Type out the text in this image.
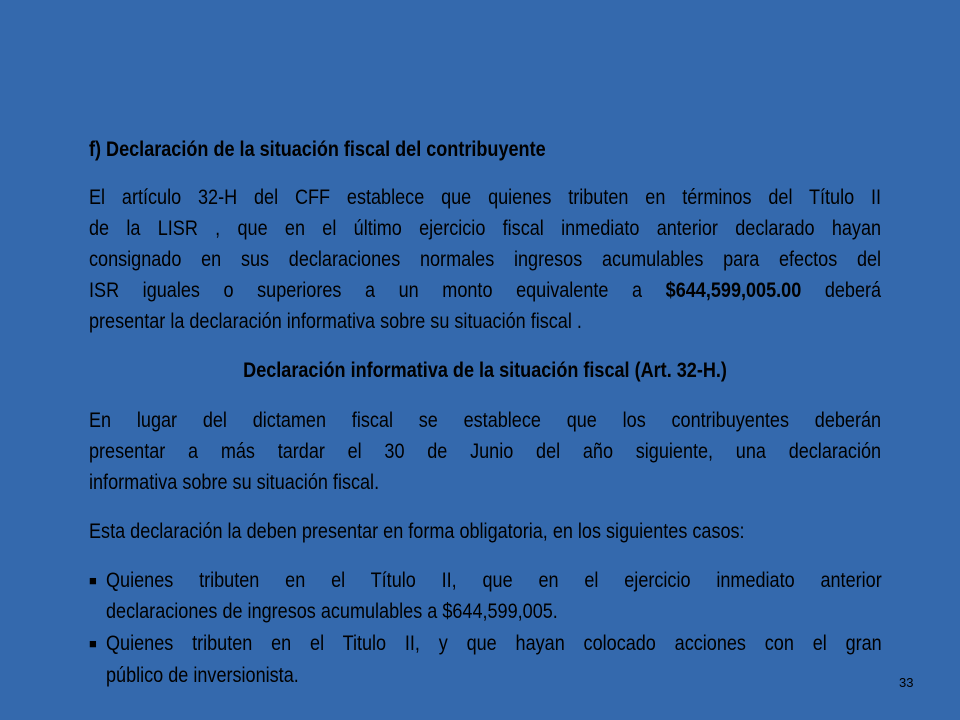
f) Declaración de la situación fiscal del contribuyente
El artículo 32-H del CFF establece que quienes tributen en términos del Título II
de la LISR , que en el último ejercicio fiscal inmediato anterior declarado hayan
consignado en sus declaraciones normales ingresos acumulables para efectos del
ISR iguales o superiores a un monto equivalente a $644,599,005.00 deberá
presentar la declaración informativa sobre su situación fiscal .
Declaración informativa de la situación fiscal (Art. 32-H.)
En lugar del dictamen fiscal se establece que los contribuyentes deberán
presentar a más tardar el 30 de Junio del año siguiente, una declaración
informativa sobre su situación fiscal.
Esta declaración la deben presentar en forma obligatoria, en los siguientes casos:
■ Quienes tributen en el Título II, que en el ejercicio inmediato anterior
declaraciones de ingresos acumulables a $644,599,005.
■ Quienes tributen en el Titulo II, y que hayan colocado acciones con el gran
público de inversionista.	33
